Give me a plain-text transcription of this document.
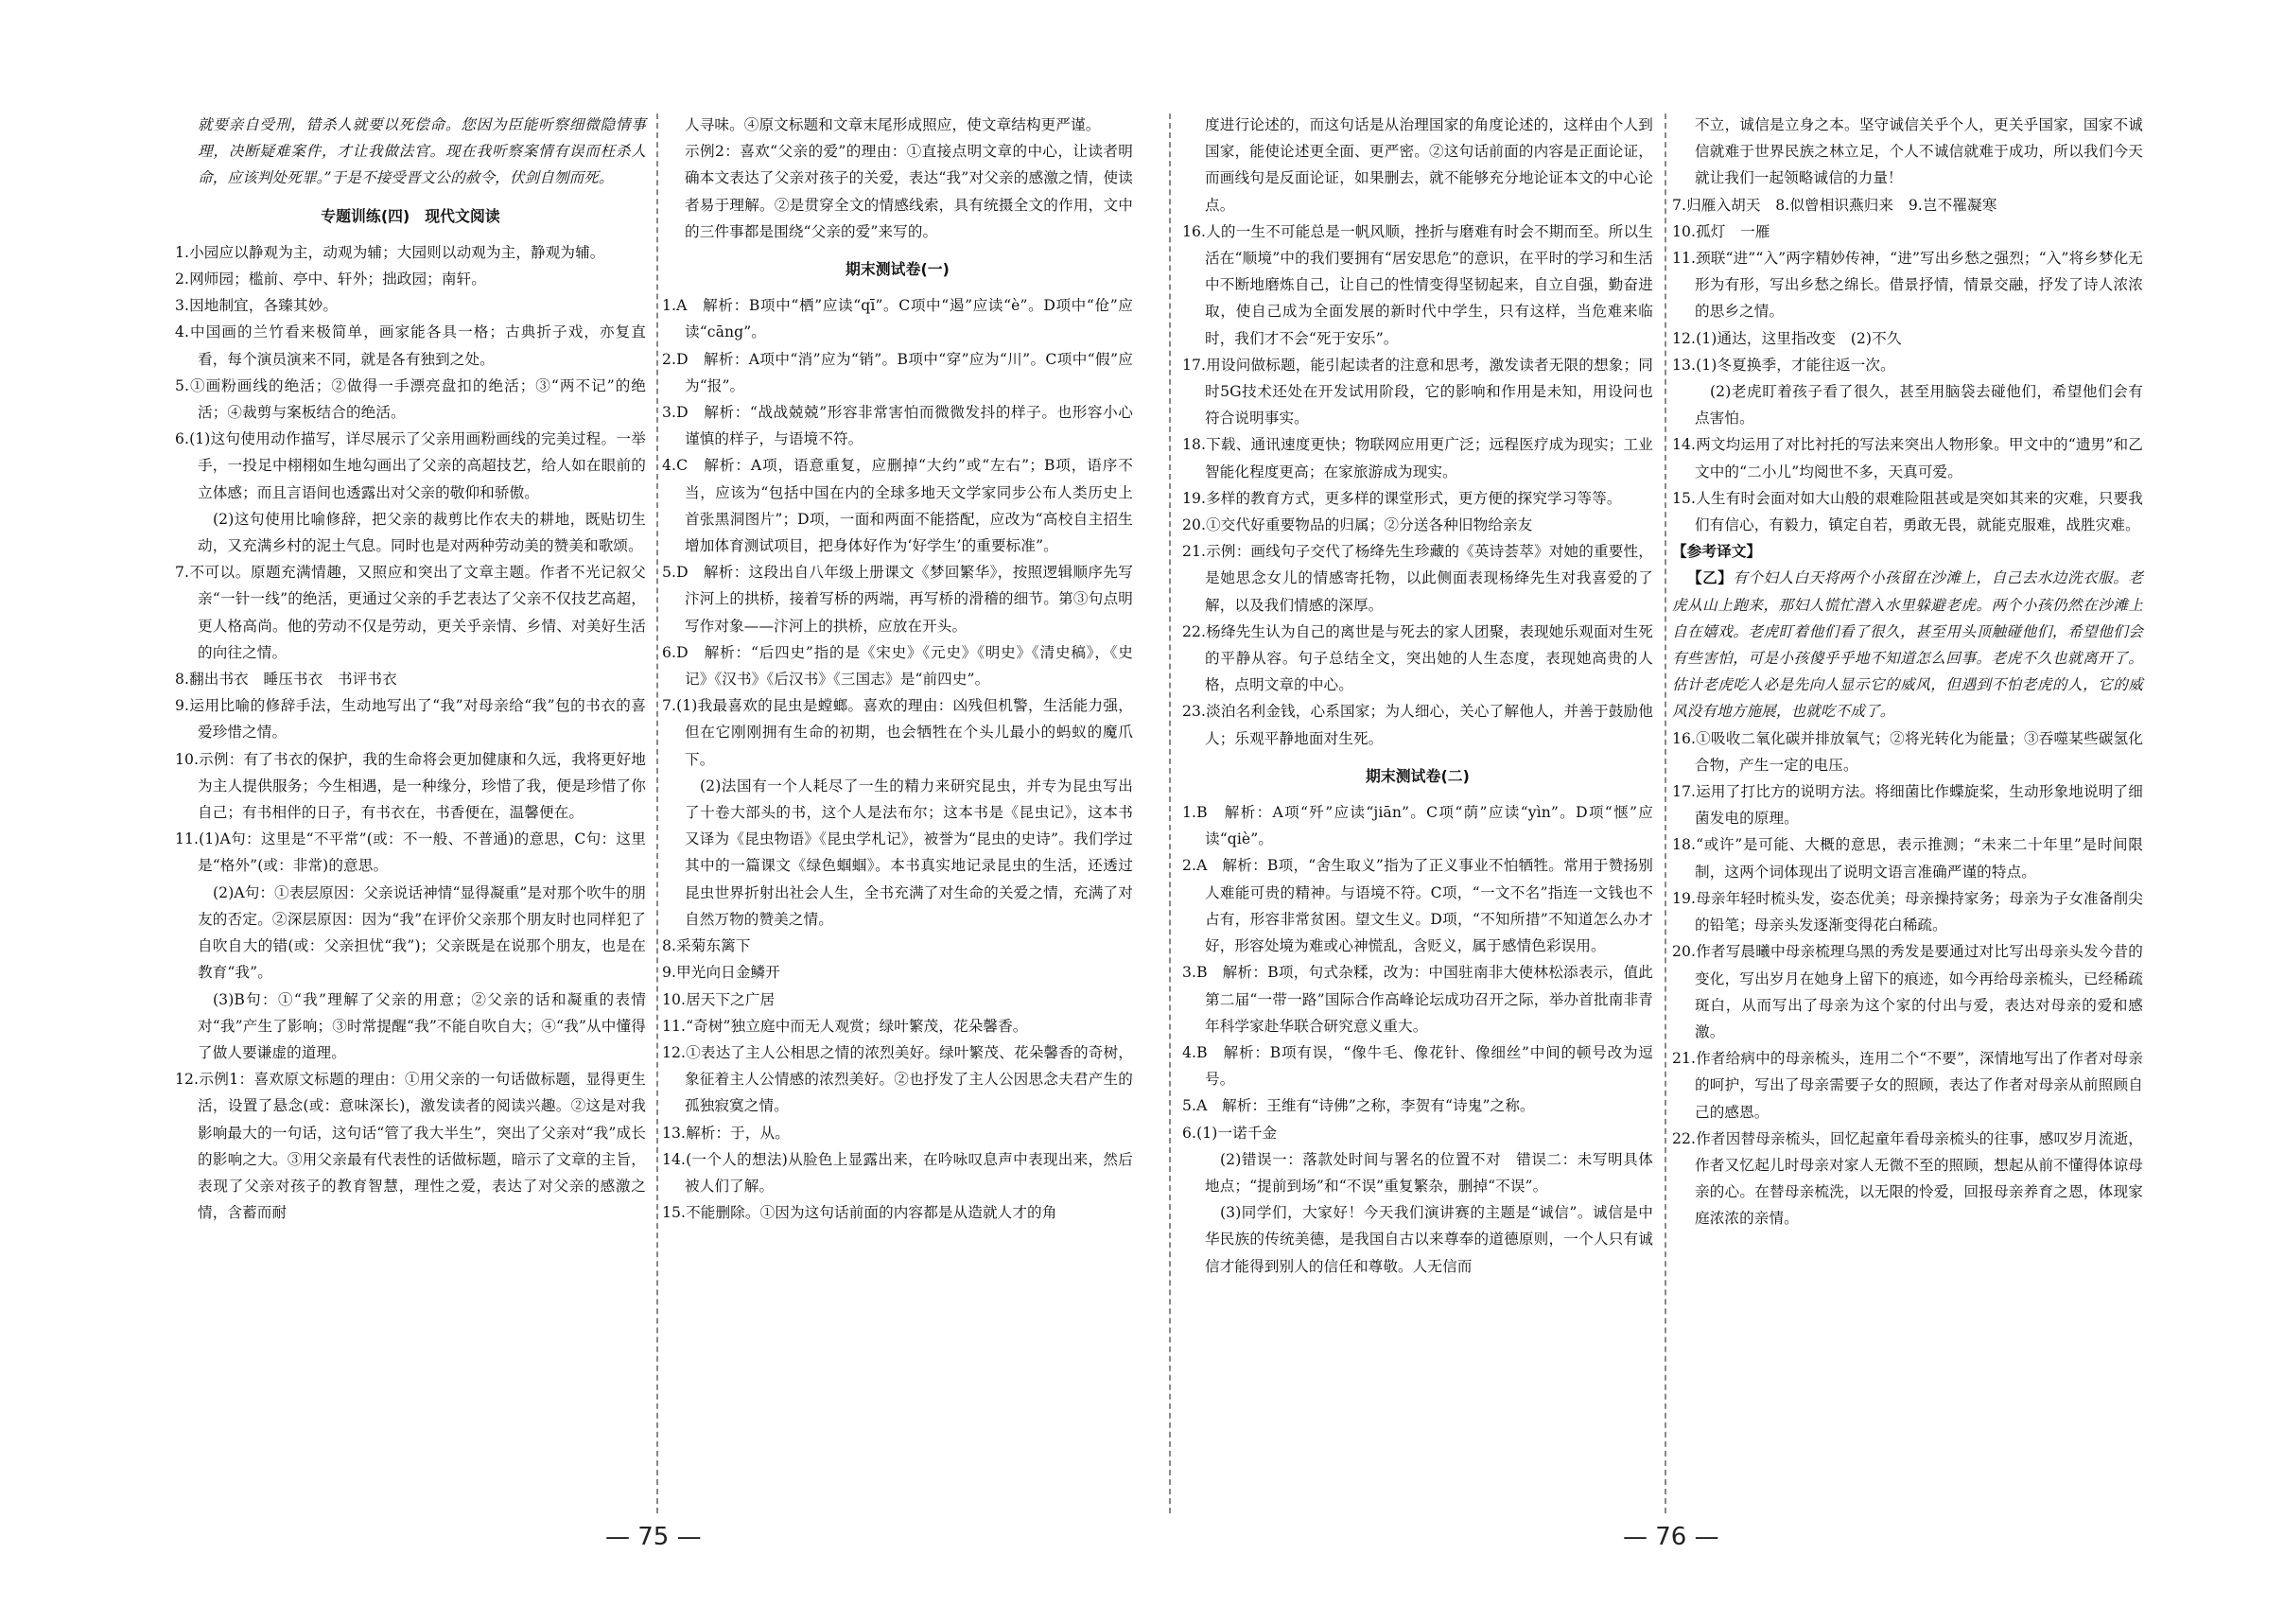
就要亲自受刑，错杀人就要以死偿命。您因为臣能听察细微隐情事理，决断疑难案件，才让我做法官。现在我听察案情有误而枉杀人命，应该判处死罪。”于是不接受晋文公的赦令，伏剑自刎而死。

专题训练(四)　现代文阅读

1.小园应以静观为主，动观为辅；大园则以动观为主，静观为辅。

2.网师园；槛前、亭中、轩外；拙政园；南轩。

3.因地制宜，各臻其妙。

4.中国画的兰竹看来极简单，画家能各具一格；古典折子戏，亦复直看，每个演员演来不同，就是各有独到之处。

5.①画粉画线的绝活；②做得一手漂亮盘扣的绝活；③“两不记”的绝活；④裁剪与案板结合的绝活。

6.(1)这句使用动作描写，详尽展示了父亲用画粉画线的完美过程。一举手，一投足中栩栩如生地勾画出了父亲的高超技艺，给人如在眼前的立体感；而且言语间也透露出对父亲的敬仰和骄傲。

(2)这句使用比喻修辞，把父亲的裁剪比作农夫的耕地，既贴切生动，又充满乡村的泥土气息。同时也是对两种劳动美的赞美和歌颂。

7.不可以。原题充满情趣，又照应和突出了文章主题。作者不光记叙父亲“一针一线”的绝活，更通过父亲的手艺表达了父亲不仅技艺高超，更人格高尚。他的劳动不仅是劳动，更关乎亲情、乡情、对美好生活的向往之情。

8.翻出书衣　睡压书衣　书评书衣

9.运用比喻的修辞手法，生动地写出了“我”对母亲给“我”包的书衣的喜爱珍惜之情。

10.示例：有了书衣的保护，我的生命将会更加健康和久远，我将更好地为主人提供服务；今生相遇，是一种缘分，珍惜了我，便是珍惜了你自己；有书相伴的日子，有书衣在，书香便在，温馨便在。

11.(1)A句：这里是“不平常”(或：不一般、不普通)的意思，C句：这里是“格外”(或：非常)的意思。

(2)A句：①表层原因：父亲说话神情“显得凝重”是对那个吹牛的朋友的否定。②深层原因：因为“我”在评价父亲那个朋友时也同样犯了自吹自大的错(或：父亲担忧“我”)；父亲既是在说那个朋友，也是在教育“我”。

(3)B句：①“我”理解了父亲的用意；②父亲的话和凝重的表情对“我”产生了影响；③时常提醒“我”不能自吹自大；④“我”从中懂得了做人要谦虚的道理。

12.示例1：喜欢原文标题的理由：①用父亲的一句话做标题，显得更生活，设置了悬念(或：意味深长)，激发读者的阅读兴趣。②这是对我影响最大的一句话，这句话“管了我大半生”，突出了父亲对“我”成长的影响之大。③用父亲最有代表性的话做标题，暗示了文章的主旨，表现了父亲对孩子的教育智慧，理性之爱，表达了对父亲的感激之情，含蓄而耐

人寻味。④原文标题和文章末尾形成照应，使文章结构更严谨。

示例2：喜欢“父亲的爱”的理由：①直接点明文章的中心，让读者明确本文表达了父亲对孩子的关爱，表达“我”对父亲的感激之情，使读者易于理解。②是贯穿全文的情感线索，具有统摄全文的作用，文中的三件事都是围绕“父亲的爱”来写的。

期末测试卷(一)

1.A　解析：B项中“栖”应读“qī”。C项中“遏”应读“è”。D项中“伧”应读“cāng”。

2.D　解析：A项中“消”应为“销”。B项中“穿”应为“川”。C项中“假”应为“报”。

3.D　解析：“战战兢兢”形容非常害怕而微微发抖的样子。也形容小心谨慎的样子，与语境不符。

4.C　解析：A项，语意重复，应删掉“大约”或“左右”；B项，语序不当，应该为“包括中国在内的全球多地天文学家同步公布人类历史上首张黑洞图片”；D项，一面和两面不能搭配，应改为“高校自主招生增加体育测试项目，把身体好作为‘好学生’的重要标准”。

5.D　解析：这段出自八年级上册课文《梦回繁华》，按照逻辑顺序先写汴河上的拱桥，接着写桥的两端，再写桥的滑稽的细节。第③句点明写作对象——汴河上的拱桥，应放在开头。

6.D　解析：“后四史”指的是《宋史》《元史》《明史》《清史稿》，《史记》《汉书》《后汉书》《三国志》是“前四史”。

7.(1)我最喜欢的昆虫是螳螂。喜欢的理由：凶残但机警，生活能力强，但在它刚刚拥有生命的初期，也会牺牲在个头儿最小的蚂蚁的魔爪下。

(2)法国有一个人耗尽了一生的精力来研究昆虫，并专为昆虫写出了十卷大部头的书，这个人是法布尔；这本书是《昆虫记》，这本书又译为《昆虫物语》《昆虫学札记》，被誉为“昆虫的史诗”。我们学过其中的一篇课文《绿色蝈蝈》。本书真实地记录昆虫的生活，还透过昆虫世界折射出社会人生，全书充满了对生命的关爱之情，充满了对自然万物的赞美之情。

8.采菊东篱下

9.甲光向日金鳞开

10.居天下之广居

11.“奇树”独立庭中而无人观赏；绿叶繁茂，花朵馨香。

12.①表达了主人公相思之情的浓烈美好。绿叶繁茂、花朵馨香的奇树，象征着主人公情感的浓烈美好。②也抒发了主人公因思念夫君产生的孤独寂寞之情。

13.解析：于，从。

14.(一个人的想法)从脸色上显露出来，在吟咏叹息声中表现出来，然后被人们了解。

15.不能删除。①因为这句话前面的内容都是从造就人才的角

度进行论述的，而这句话是从治理国家的角度论述的，这样由个人到国家，能使论述更全面、更严密。②这句话前面的内容是正面论证，而画线句是反面论证，如果删去，就不能够充分地论证本文的中心论点。

16.人的一生不可能总是一帆风顺，挫折与磨难有时会不期而至。所以生活在“顺境”中的我们要拥有“居安思危”的意识，在平时的学习和生活中不断地磨炼自己，让自己的性情变得坚韧起来，自立自强，勤奋进取，使自己成为全面发展的新时代中学生，只有这样，当危难来临时，我们才不会“死于安乐”。

17.用设问做标题，能引起读者的注意和思考，激发读者无限的想象；同时5G技术还处在开发试用阶段，它的影响和作用是未知，用设问也符合说明事实。

18.下载、通讯速度更快；物联网应用更广泛；远程医疗成为现实；工业智能化程度更高；在家旅游成为现实。

19.多样的教育方式，更多样的课堂形式，更方便的探究学习等等。

20.①交代好重要物品的归属；②分送各种旧物给亲友

21.示例：画线句子交代了杨绛先生珍藏的《英诗荟萃》对她的重要性，是她思念女儿的情感寄托物，以此侧面表现杨绛先生对我喜爱的了解，以及我们情感的深厚。

22.杨绛先生认为自己的离世是与死去的家人团聚，表现她乐观面对生死的平静从容。句子总结全文，突出她的人生态度，表现她高贵的人格，点明文章的中心。

23.淡泊名利金钱，心系国家；为人细心，关心了解他人，并善于鼓励他人；乐观平静地面对生死。

期末测试卷(二)

1.B　解析：A项“歼”应读“jiān”。C项“荫”应读“yìn”。D项“惬”应读“qiè”。

2.A　解析：B项，“舍生取义”指为了正义事业不怕牺牲。常用于赞扬别人难能可贵的精神。与语境不符。C项，“一文不名”指连一文钱也不占有，形容非常贫困。望文生义。D项，“不知所措”不知道怎么办才好，形容处境为难或心神慌乱，含贬义，属于感情色彩误用。

3.B　解析：B项，句式杂糅，改为：中国驻南非大使林松添表示，值此第二届“一带一路”国际合作高峰论坛成功召开之际，举办首批南非青年科学家赴华联合研究意义重大。

4.B　解析：B项有误，“像牛毛、像花针、像细丝”中间的顿号改为逗号。

5.A　解析：王维有“诗佛”之称，李贺有“诗鬼”之称。

6.(1)一诺千金

(2)错误一：落款处时间与署名的位置不对　错误二：未写明具体地点；“提前到场”和“不误”重复繁杂，删掉“不误”。

(3)同学们，大家好！今天我们演讲赛的主题是“诚信”。诚信是中华民族的传统美德，是我国自古以来尊奉的道德原则，一个人只有诚信才能得到别人的信任和尊敬。人无信而

不立，诚信是立身之本。坚守诚信关乎个人，更关乎国家，国家不诚信就难于世界民族之林立足，个人不诚信就难于成功，所以我们今天就让我们一起领略诚信的力量！

7.归雁入胡天　8.似曾相识燕归来　9.岂不罹凝寒

10.孤灯　一雁

11.颈联“进”“入”两字精妙传神，“进”写出乡愁之强烈；“入”将乡梦化无形为有形，写出乡愁之绵长。借景抒情，情景交融，抒发了诗人浓浓的思乡之情。

12.(1)通达，这里指改变　(2)不久

13.(1)冬夏换季，才能往返一次。

(2)老虎盯着孩子看了很久，甚至用脑袋去碰他们，希望他们会有点害怕。

14.两文均运用了对比衬托的写法来突出人物形象。甲文中的“遗男”和乙文中的“二小儿”均阅世不多，天真可爱。

15.人生有时会面对如大山般的艰难险阻甚或是突如其来的灾难，只要我们有信心，有毅力，镇定自若，勇敢无畏，就能克服难，战胜灾难。

【参考译文】

【乙】有个妇人白天将两个小孩留在沙滩上，自己去水边洗衣服。老虎从山上跑来，那妇人慌忙潜入水里躲避老虎。两个小孩仍然在沙滩上自在嬉戏。老虎盯着他们看了很久，甚至用头顶触碰他们，希望他们会有些害怕，可是小孩傻乎乎地不知道怎么回事。老虎不久也就离开了。估计老虎吃人必是先向人显示它的威风，但遇到不怕老虎的人，它的威风没有地方施展，也就吃不成了。

16.①吸收二氧化碳并排放氧气；②将光转化为能量；③吞噬某些碳氢化合物，产生一定的电压。

17.运用了打比方的说明方法。将细菌比作蝶旋桨，生动形象地说明了细菌发电的原理。

18.“或许”是可能、大概的意思，表示推测；“未来二十年里”是时间限制，这两个词体现出了说明文语言准确严谨的特点。

19.母亲年轻时梳头发，姿态优美；母亲操持家务；母亲为子女准备削尖的铅笔；母亲头发逐渐变得花白稀疏。

20.作者写晨曦中母亲梳理乌黑的秀发是要通过对比写出母亲头发今昔的变化，写出岁月在她身上留下的痕迹，如今再给母亲梳头，已经稀疏斑白，从而写出了母亲为这个家的付出与爱，表达对母亲的爱和感激。

21.作者给病中的母亲梳头，连用二个“不要”，深情地写出了作者对母亲的呵护，写出了母亲需要子女的照顾，表达了作者对母亲从前照顾自己的感恩。

22.作者因替母亲梳头，回忆起童年看母亲梳头的往事，感叹岁月流逝，作者又忆起儿时母亲对家人无微不至的照顾，想起从前不懂得体谅母亲的心。在替母亲梳洗，以无限的怜爱，回报母亲养育之恩，体现家庭浓浓的亲情。

— 75 —	— 76 —
